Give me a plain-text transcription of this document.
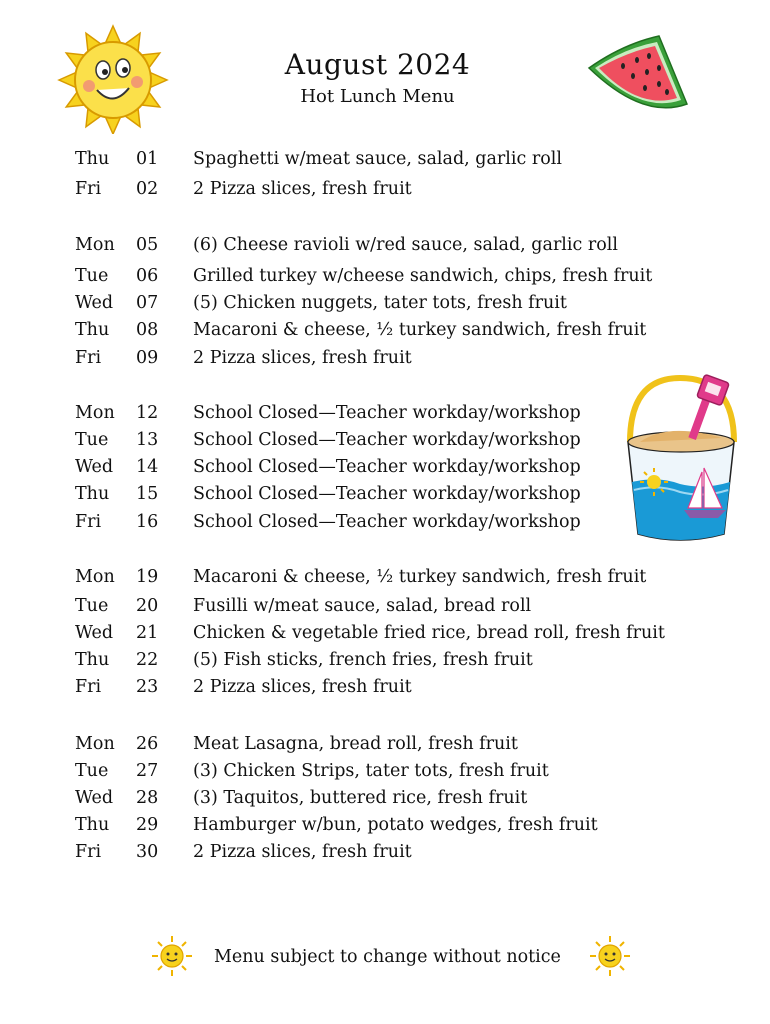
August 2024
Hot Lunch Menu
Thu 01 Spaghetti w/meat sauce, salad, garlic roll
Fri 02 2 Pizza slices, fresh fruit
Mon 05 (6) Cheese ravioli w/red sauce, salad, garlic roll
Tue 06 Grilled turkey w/cheese sandwich, chips, fresh fruit
Wed 07 (5) Chicken nuggets, tater tots, fresh fruit
Thu 08 Macaroni & cheese, ½ turkey sandwich, fresh fruit
Fri 09 2 Pizza slices, fresh fruit
Mon 12 School Closed—Teacher workday/workshop
Tue 13 School Closed—Teacher workday/workshop
Wed 14 School Closed—Teacher workday/workshop
Thu 15 School Closed—Teacher workday/workshop
Fri 16 School Closed—Teacher workday/workshop
Mon 19 Macaroni & cheese, ½ turkey sandwich, fresh fruit
Tue 20 Fusilli w/meat sauce, salad, bread roll
Wed 21 Chicken & vegetable fried rice, bread roll, fresh fruit
Thu 22 (5) Fish sticks, french fries, fresh fruit
Fri 23 2 Pizza slices, fresh fruit
Mon 26 Meat Lasagna, bread roll, fresh fruit
Tue 27 (3) Chicken Strips, tater tots, fresh fruit
Wed 28 (3) Taquitos, buttered rice, fresh fruit
Thu 29 Hamburger w/bun, potato wedges, fresh fruit
Fri 30 2 Pizza slices, fresh fruit
Menu subject to change without notice
